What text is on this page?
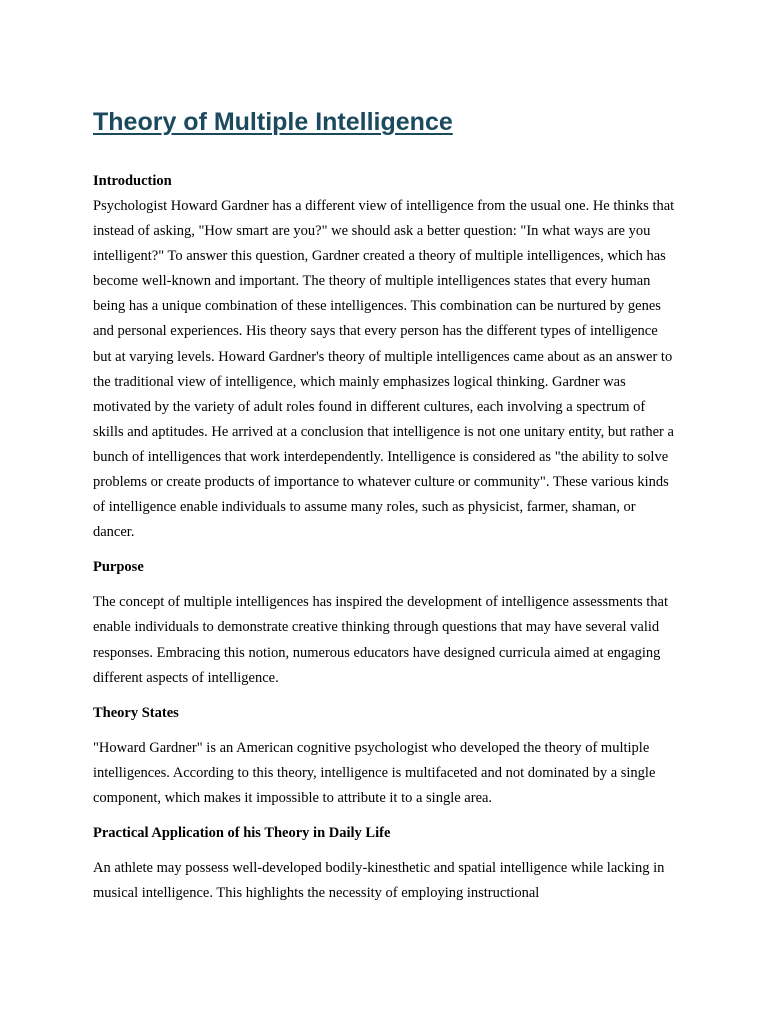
Theory of Multiple Intelligence

Introduction

Psychologist Howard Gardner has a different view of intelligence from the usual one. He thinks that instead of asking, "How smart are you?" we should ask a better question: "In what ways are you intelligent?" To answer this question, Gardner created a theory of multiple intelligences, which has become well-known and important. The theory of multiple intelligences states that every human being has a unique combination of these intelligences. This combination can be nurtured by genes and personal experiences. His theory says that every person has the different types of intelligence but at varying levels. Howard Gardner's theory of multiple intelligences came about as an answer to the traditional view of intelligence, which mainly emphasizes logical thinking. Gardner was motivated by the variety of adult roles found in different cultures, each involving a spectrum of skills and aptitudes. He arrived at a conclusion that intelligence is not one unitary entity, but rather a bunch of intelligences that work interdependently. Intelligence is considered as "the ability to solve problems or create products of importance to whatever culture or community". These various kinds of intelligence enable individuals to assume many roles, such as physicist, farmer, shaman, or dancer.

Purpose

The concept of multiple intelligences has inspired the development of intelligence assessments that enable individuals to demonstrate creative thinking through questions that may have several valid responses. Embracing this notion, numerous educators have designed curricula aimed at engaging different aspects of intelligence.

Theory States

"Howard Gardner" is an American cognitive psychologist who developed the theory of multiple intelligences. According to this theory, intelligence is multifaceted and not dominated by a single component, which makes it impossible to attribute it to a single area.

Practical Application of his Theory in Daily Life

An athlete may possess well-developed bodily-kinesthetic and spatial intelligence while lacking in musical intelligence. This highlights the necessity of employing instructional
